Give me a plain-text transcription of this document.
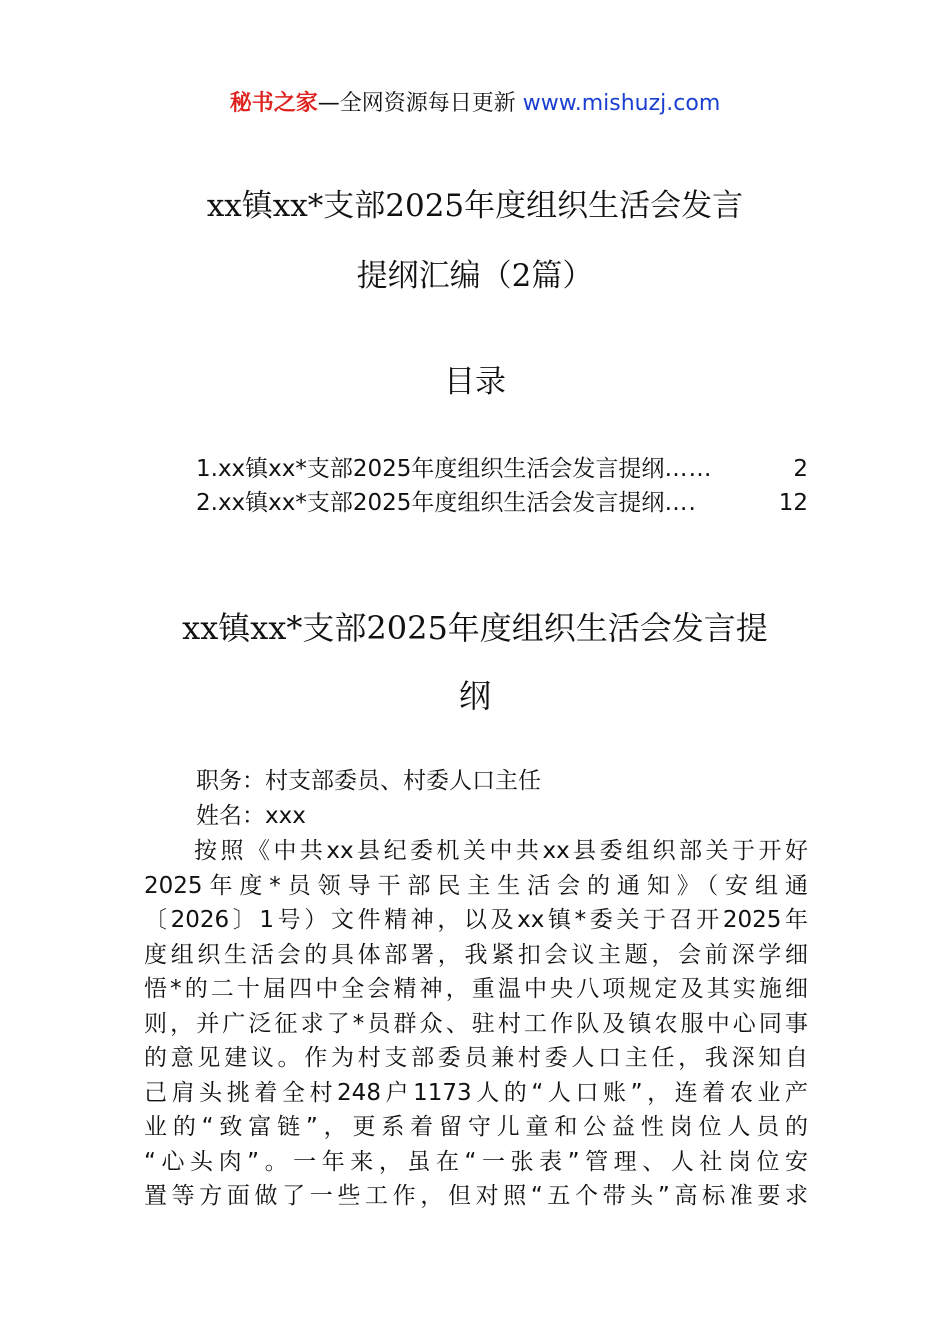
秘书之家—全网资源每日更新 www.mishuzj.com
xx镇xx*支部2025年度组织生活会发言
提纲汇编（2篇）
目录
1.xx镇xx*支部2025年度组织生活会发言提纲 ……	2
2.xx镇xx*支部2025年度组织生活会发言提纲 ….	12
xx镇xx*支部2025年度组织生活会发言提
纲
职务：村支部委员、村委人口主任
姓名：xxx
按照《中共xx县纪委机关中共xx县委组织部关于开好
2025年度*员领导干部民主生活会的通知》（安组通
〔2026〕1号）文件精神，以及xx镇*委关于召开2025年
度组织生活会的具体部署，我紧扣会议主题，会前深学细
悟*的二十届四中全会精神，重温中央八项规定及其实施细
则，并广泛征求了*员群众、驻村工作队及镇农服中心同事
的意见建议。作为村支部委员兼村委人口主任，我深知自
己肩头挑着全村248户1173人的“人口账”，连着农业产
业的“致富链”，更系着留守儿童和公益性岗位人员的
“心头肉”。一年来，虽在“一张表”管理、人社岗位安
置等方面做了一些工作，但对照“五个带头”高标准要求
